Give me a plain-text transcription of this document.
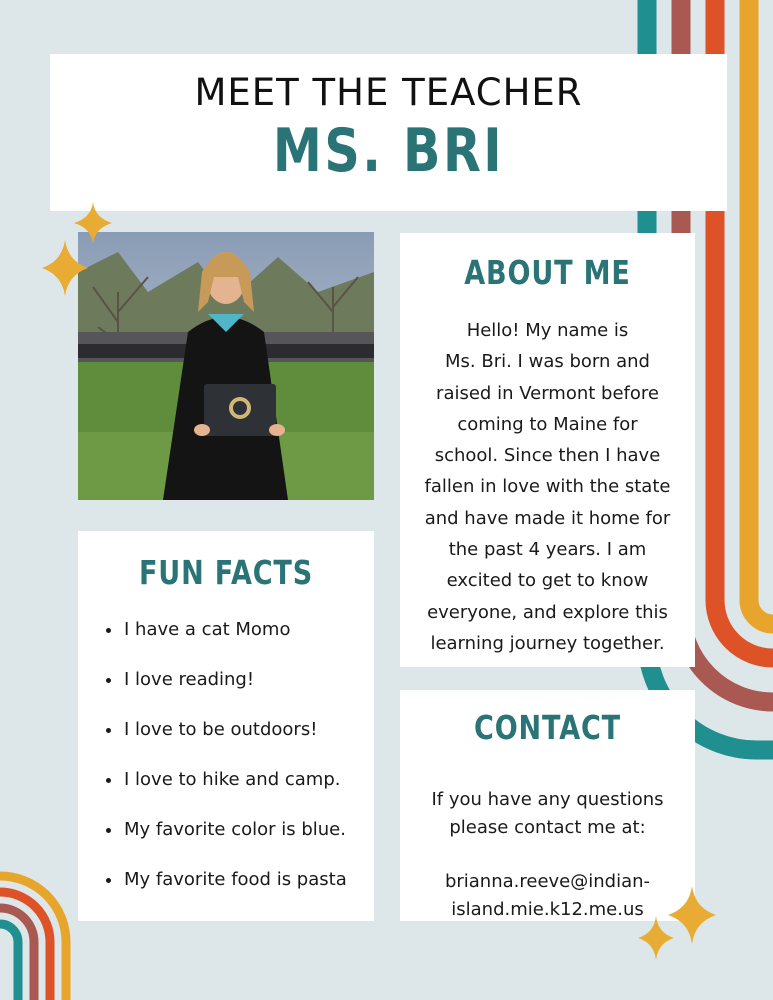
MEET THE TEACHER
MS. BRI
ABOUT ME
Hello! My name is
Ms. Bri. I was born and
raised in Vermont before
coming to Maine for
school. Since then I have
fallen in love with the state
and have made it home for
the past 4 years. I am
excited to get to know
everyone, and explore this
learning journey together.
FUN FACTS
I have a cat Momo
I love reading!
I love to be outdoors!
I love to hike and camp.
My favorite color is blue.
My favorite food is pasta
CONTACT
If you have any questions
please contact me at:
brianna.reeve@indian-
island.mie.k12.me.us
